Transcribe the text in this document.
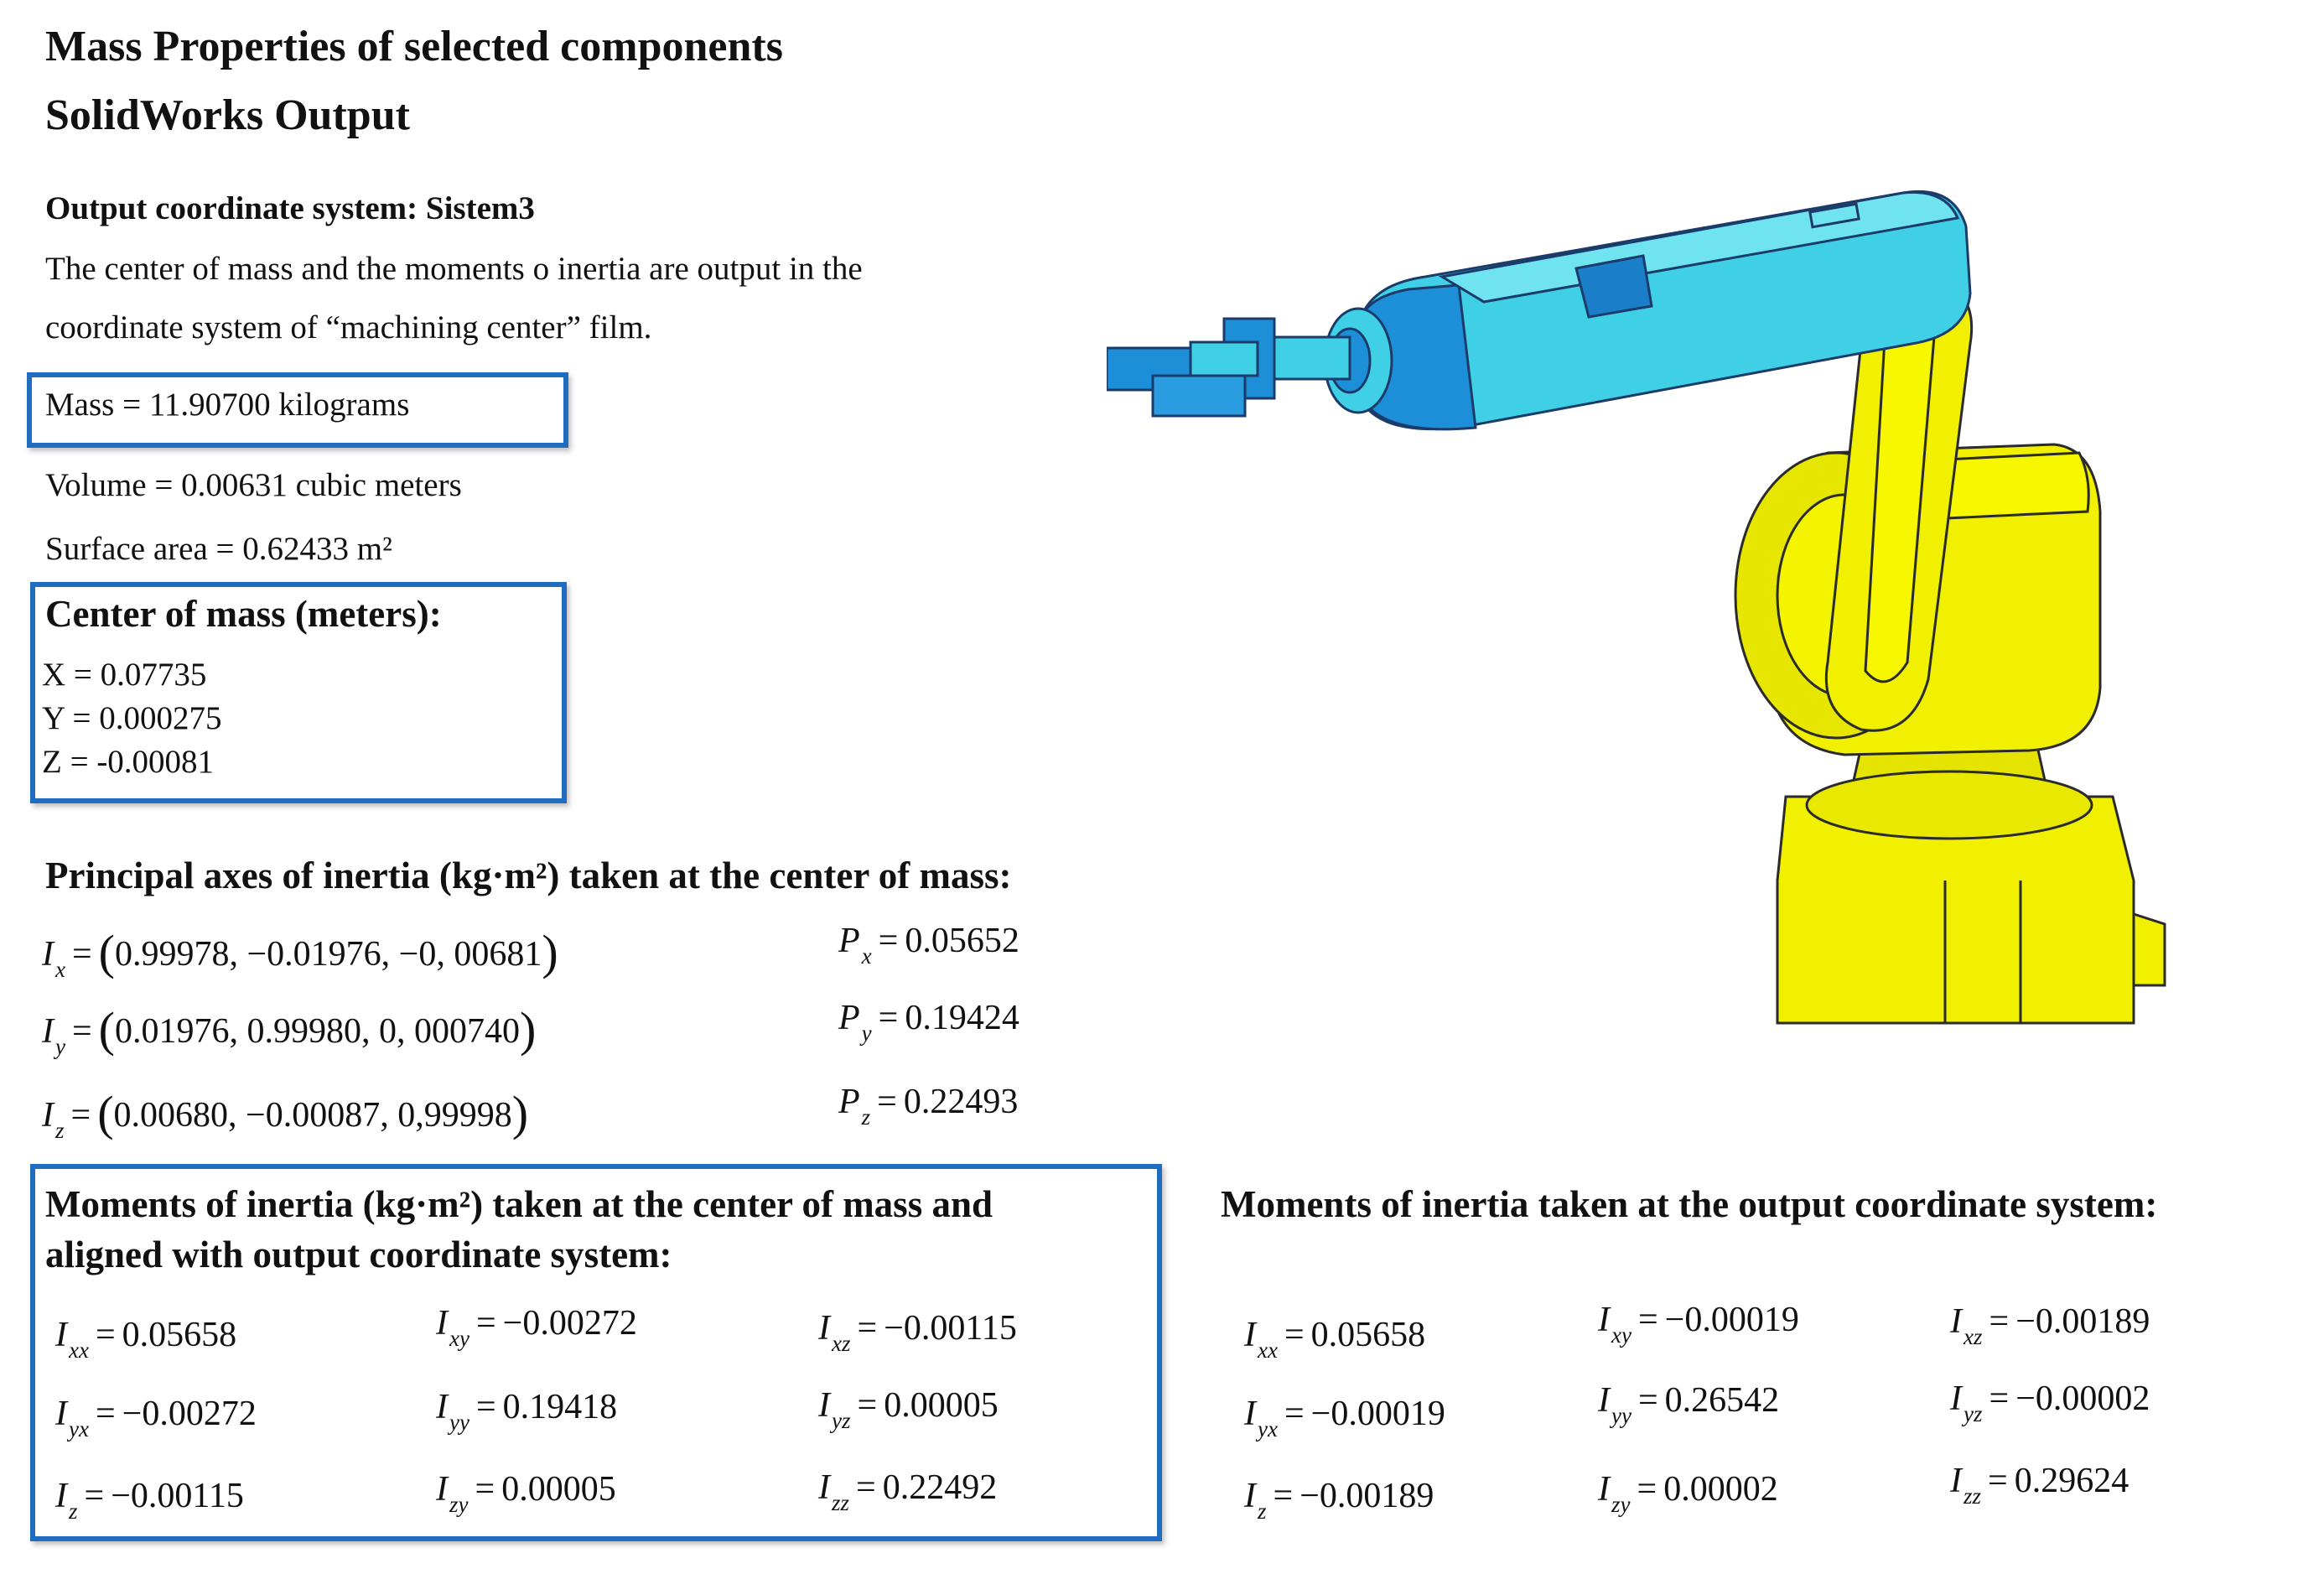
Mass Properties of selected components
SolidWorks Output
Output coordinate system: Sistem3
The center of mass and the moments o inertia are output in the
coordinate system of “machining center” film.
Mass = 11.90700 kilograms
Volume = 0.00631 cubic meters
Surface area = 0.62433 m²
Center of mass (meters):
X = 0.07735
Y = 0.000275
Z = -0.00081
Principal axes of inertia (kg·m²) taken at the center of mass:
$I_x = (0.99978$, −0.01976, −0, 00681)	$P_x = 0.05652$
$I_y = (0.01976$, 0.99980, 0, 000740)	$P_y = 0.19424$
$I_z = (0.00680$, −0.00087, 0,99998)	$P_z = 0.22493$
Moments of inertia (kg·m²) taken at the center of mass and
aligned with output coordinate system:
$I_{xx} = 0.05658$	$I_{xy} = -0.00272$	$I_{xz} = -0.00115$
$I_{yx} = -0.00272$	$I_{yy} = 0.19418$	$I_{yz} = 0.00005$
$I_z = -0.00115$	$I_{zy} = 0.00005$	$I_{zz} = 0.22492$
Moments of inertia taken at the output coordinate system:
$I_{xx} = 0.05658$	$I_{xy} = -0.00019$	$I_{xz} = -0.00189$
$I_{yx} = -0.00019$	$I_{yy} = 0.26542$	$I_{yz} = -0.00002$
$I_z = -0.00189$	$I_{zy} = 0.00002$	$I_{zz} = 0.29624$
